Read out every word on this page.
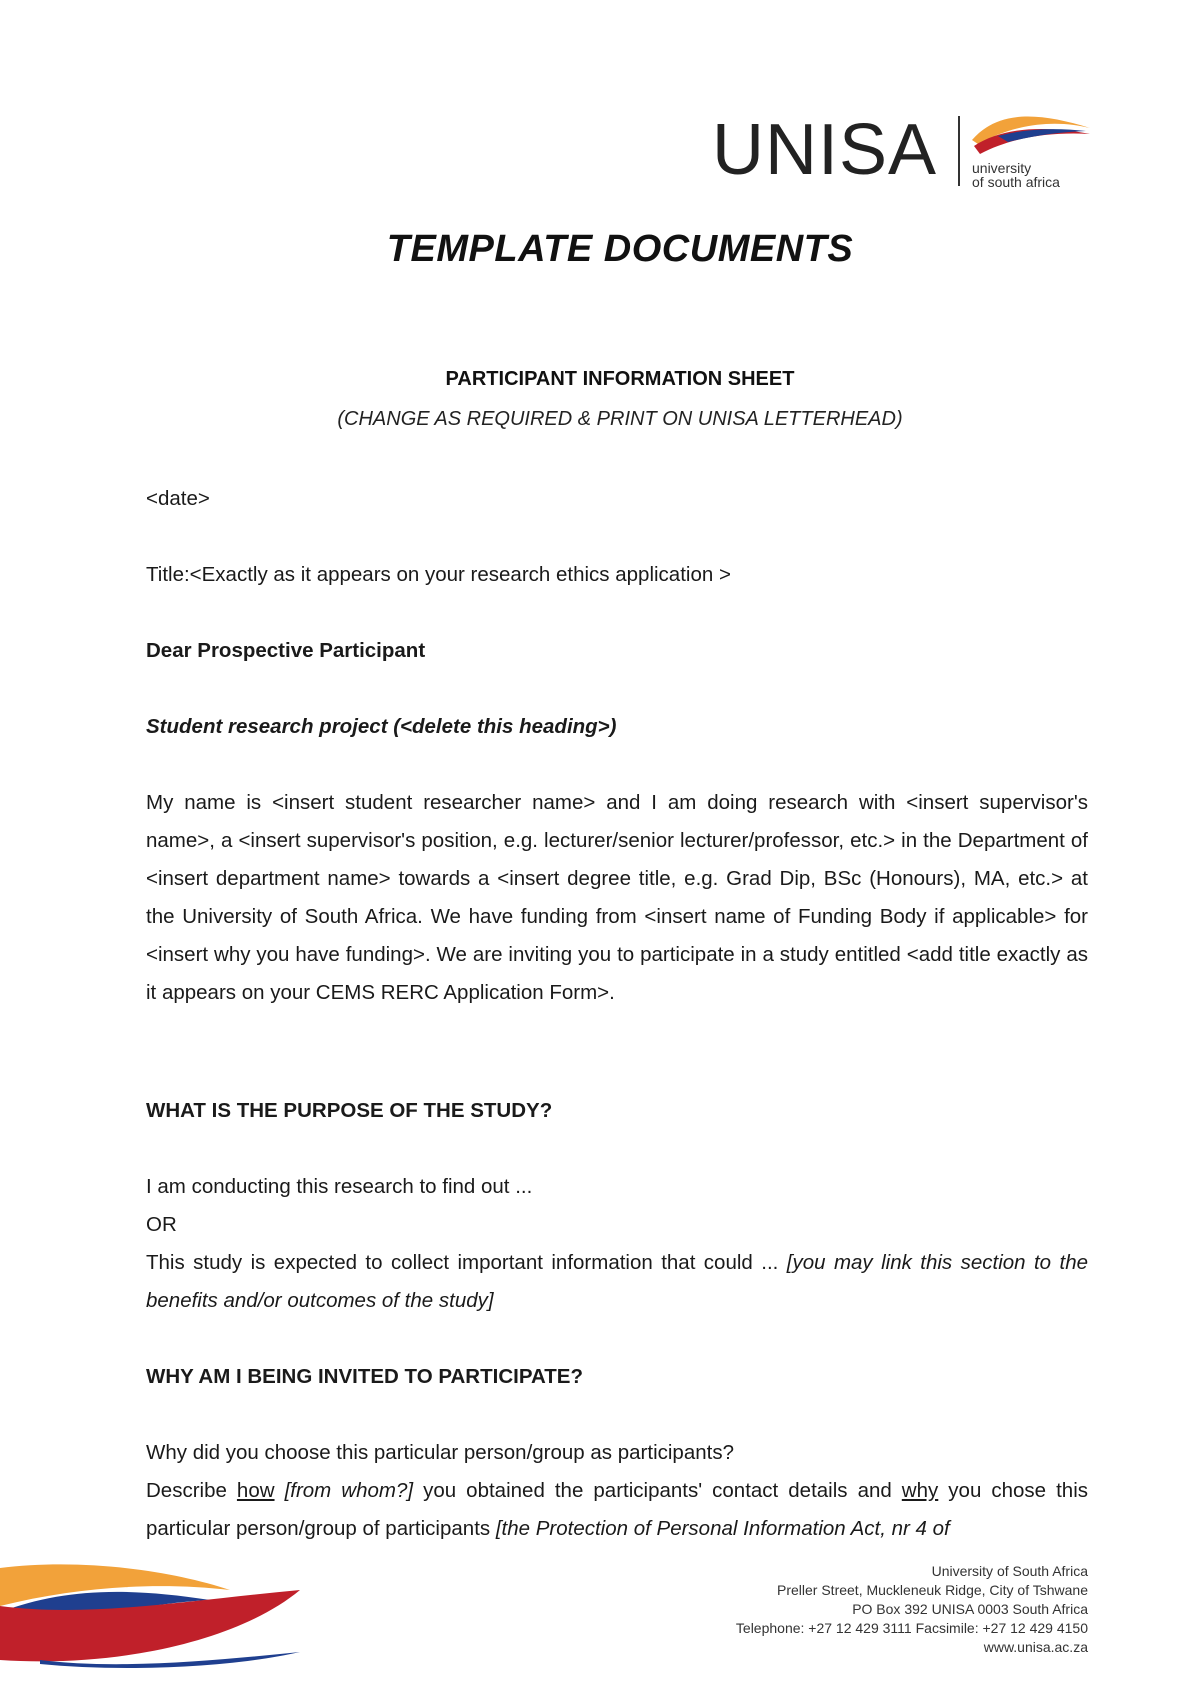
UNISA university
of south africa
TEMPLATE DOCUMENTS
PARTICIPANT INFORMATION SHEET
(CHANGE AS REQUIRED & PRINT ON UNISA LETTERHEAD)
<date>
Title:<Exactly as it appears on your research ethics application >
Dear Prospective Participant
Student research project (<delete this heading>)
My name is <insert student researcher name> and I am doing research with <insert supervisor's name>, a <insert supervisor's position, e.g. lecturer/senior lecturer/professor, etc.> in the Department of <insert department name> towards a <insert degree title, e.g. Grad Dip, BSc (Honours), MA, etc.> at the University of South Africa. We have funding from <insert name of Funding Body if applicable> for <insert why you have funding>. We are inviting you to participate in a study entitled <add title exactly as it appears on your CEMS RERC Application Form>.
WHAT IS THE PURPOSE OF THE STUDY?
I am conducting this research to find out ...
OR
This study is expected to collect important information that could ... [you may link this section to the benefits and/or outcomes of the study]
WHY AM I BEING INVITED TO PARTICIPATE?
Why did you choose this particular person/group as participants?
Describe how [from whom?] you obtained the participants' contact details and why you chose this particular person/group of participants [the Protection of Personal Information Act, nr 4 of
University of South Africa
Preller Street, Muckleneuk Ridge, City of Tshwane
PO Box 392 UNISA 0003 South Africa
Telephone: +27 12 429 3111 Facsimile: +27 12 429 4150
www.unisa.ac.za
